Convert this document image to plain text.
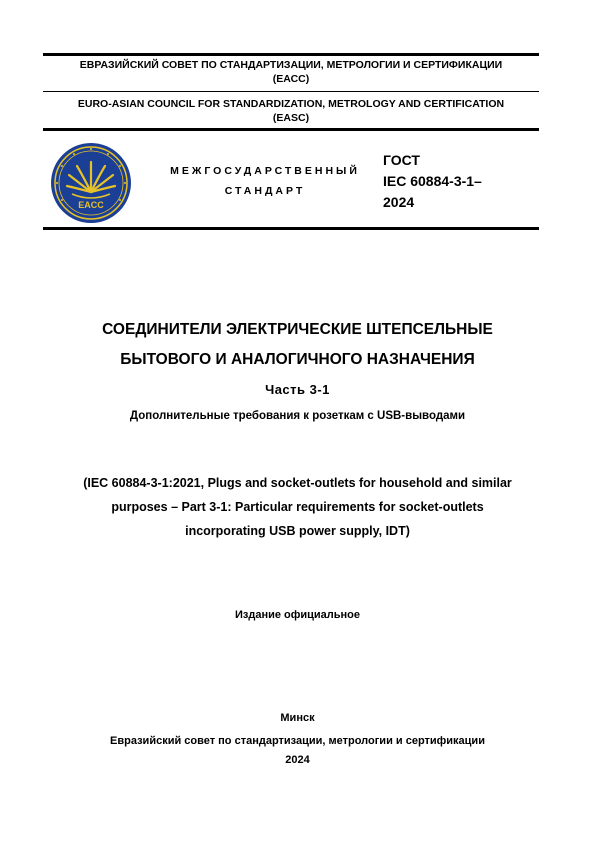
ЕВРАЗИЙСКИЙ СОВЕТ ПО СТАНДАРТИЗАЦИИ, МЕТРОЛОГИИ И СЕРТИФИКАЦИИ
(ЕАСС)
EURO-ASIAN COUNCIL FOR STANDARDIZATION, METROLOGY AND CERTIFICATION
(EASC)
EACC
МЕЖГОСУДАРСТВЕННЫЙ
СТАНДАРТ
ГОСТ
IEC 60884-3-1–
2024
СОЕДИНИТЕЛИ ЭЛЕКТРИЧЕСКИЕ ШТЕПСЕЛЬНЫЕ
БЫТОВОГО И АНАЛОГИЧНОГО НАЗНАЧЕНИЯ
Часть 3-1
Дополнительные требования к розеткам с USB-выводами
(IEC 60884-3-1:2021, Plugs and socket-outlets for household and similar
purposes – Part 3-1: Particular requirements for socket-outlets
incorporating USB power supply, IDT)
Издание официальное
Минск
Евразийский совет по стандартизации, метрологии и сертификации
2024
